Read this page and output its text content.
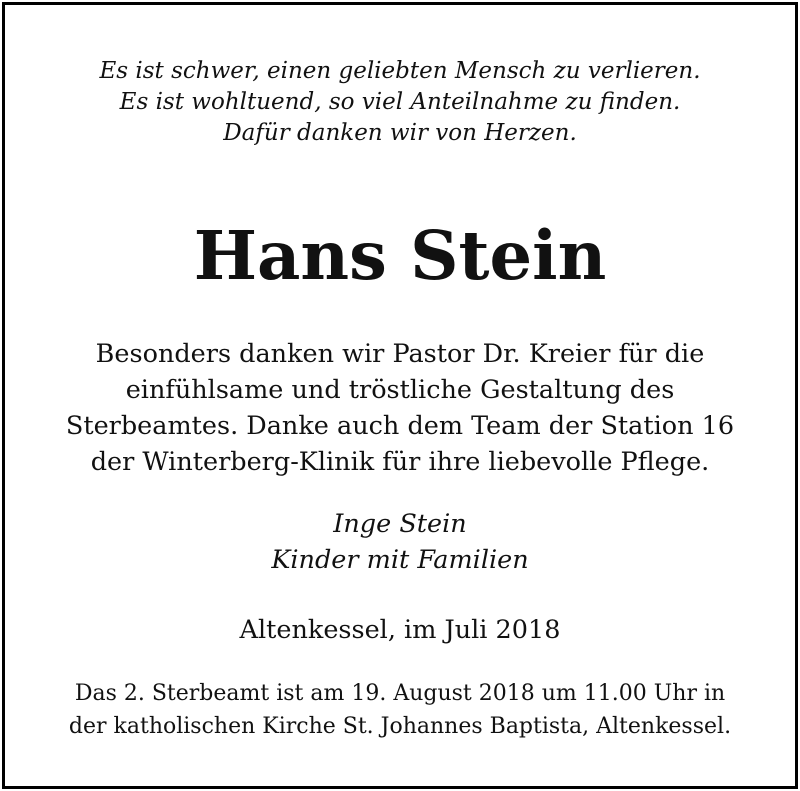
Es ist schwer, einen geliebten Mensch zu verlieren.
Es ist wohltuend, so viel Anteilnahme zu finden.
Dafür danken wir von Herzen.
Hans Stein
Besonders danken wir Pastor Dr. Kreier für die
einfühlsame und tröstliche Gestaltung des
Sterbeamtes. Danke auch dem Team der Station 16
der Winterberg-Klinik für ihre liebevolle Pflege.
Inge Stein
Kinder mit Familien
Altenkessel, im Juli 2018
Das 2. Sterbeamt ist am 19. August 2018 um 11.00 Uhr in
der katholischen Kirche St. Johannes Baptista, Altenkessel.
